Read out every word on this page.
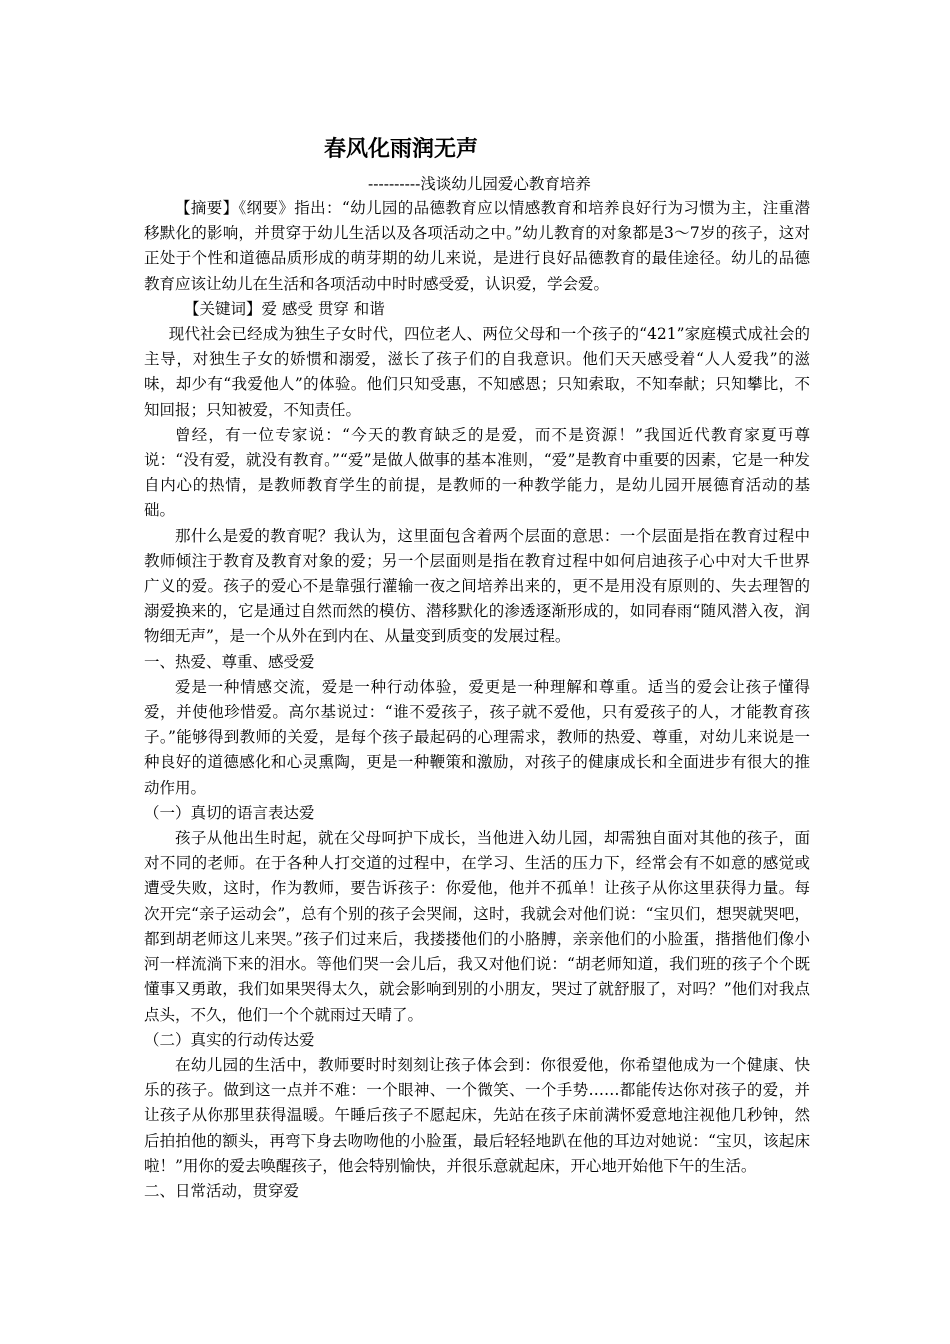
春风化雨润无声
----------浅谈幼儿园爱心教育培养

【摘要】《纲要》指出：“幼儿园的品德教育应以情感教育和培养良好行为习惯为主，注重潜移默化的影响，并贯穿于幼儿生活以及各项活动之中。”幼儿教育的对象都是3～7岁的孩子，这对正处于个性和道德品质形成的萌芽期的幼儿来说，是进行良好品德教育的最佳途径。幼儿的品德教育应该让幼儿在生活和各项活动中时时感受爱，认识爱，学会爱。

【关键词】爱 感受 贯穿 和谐

现代社会已经成为独生子女时代，四位老人、两位父母和一个孩子的“421”家庭模式成社会的主导，对独生子女的娇惯和溺爱，滋长了孩子们的自我意识。他们天天感受着“人人爱我”的滋味，却少有“我爱他人”的体验。他们只知受惠，不知感恩；只知索取，不知奉献；只知攀比，不知回报；只知被爱，不知责任。

曾经，有一位专家说：“今天的教育缺乏的是爱，而不是资源！”我国近代教育家夏丏尊说：“没有爱，就没有教育。”“爱”是做人做事的基本准则，“爱”是教育中重要的因素，它是一种发自内心的热情，是教师教育学生的前提，是教师的一种教学能力，是幼儿园开展德育活动的基础。

那什么是爱的教育呢？我认为，这里面包含着两个层面的意思：一个层面是指在教育过程中教师倾注于教育及教育对象的爱；另一个层面则是指在教育过程中如何启迪孩子心中对大千世界广义的爱。孩子的爱心不是靠强行灌输一夜之间培养出来的，更不是用没有原则的、失去理智的溺爱换来的，它是通过自然而然的模仿、潜移默化的渗透逐渐形成的，如同春雨“随风潜入夜，润物细无声”，是一个从外在到内在、从量变到质变的发展过程。

一、热爱、尊重、感受爱

爱是一种情感交流，爱是一种行动体验，爱更是一种理解和尊重。适当的爱会让孩子懂得爱，并使他珍惜爱。高尔基说过：“谁不爱孩子，孩子就不爱他，只有爱孩子的人，才能教育孩子。”能够得到教师的关爱，是每个孩子最起码的心理需求，教师的热爱、尊重，对幼儿来说是一种良好的道德感化和心灵熏陶，更是一种鞭策和激励，对孩子的健康成长和全面进步有很大的推动作用。

（一）真切的语言表达爱

孩子从他出生时起，就在父母呵护下成长，当他进入幼儿园，却需独自面对其他的孩子，面对不同的老师。在于各种人打交道的过程中，在学习、生活的压力下，经常会有不如意的感觉或遭受失败，这时，作为教师，要告诉孩子：你爱他，他并不孤单！让孩子从你这里获得力量。每次开完“亲子运动会”，总有个别的孩子会哭闹，这时，我就会对他们说：“宝贝们，想哭就哭吧，都到胡老师这儿来哭。”孩子们过来后，我搂搂他们的小胳膊，亲亲他们的小脸蛋，揩揩他们像小河一样流淌下来的泪水。等他们哭一会儿后，我又对他们说：“胡老师知道，我们班的孩子个个既懂事又勇敢，我们如果哭得太久，就会影响到别的小朋友，哭过了就舒服了，对吗？”他们对我点点头，不久，他们一个个就雨过天晴了。

（二）真实的行动传达爱

在幼儿园的生活中，教师要时时刻刻让孩子体会到：你很爱他，你希望他成为一个健康、快乐的孩子。做到这一点并不难：一个眼神、一个微笑、一个手势……都能传达你对孩子的爱，并让孩子从你那里获得温暖。午睡后孩子不愿起床，先站在孩子床前满怀爱意地注视他几秒钟，然后拍拍他的额头，再弯下身去吻吻他的小脸蛋，最后轻轻地趴在他的耳边对她说：“宝贝，该起床啦！”用你的爱去唤醒孩子，他会特别愉快，并很乐意就起床，开心地开始他下午的生活。

二、日常活动，贯穿爱
